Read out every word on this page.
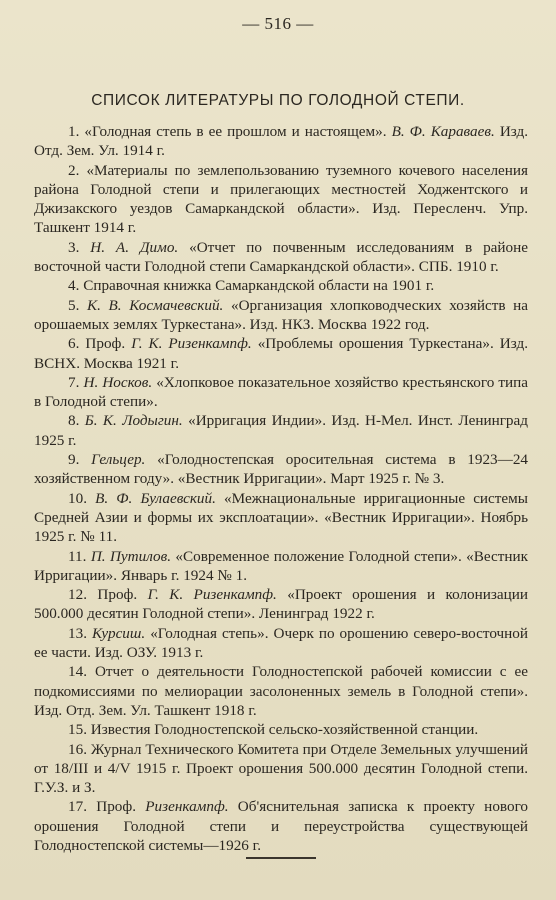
— 516 —
СПИСОК ЛИТЕРАТУРЫ ПО ГОЛОДНОЙ СТЕПИ.

1. «Голодная степь в ее прошлом и настоящем». В. Ф. Караваев. Изд. Отд. Зем. Ул. 1914 г.

2. «Материалы по землепользованию туземного кочевого населения района Голодной степи и прилегающих местностей Ходжентского и Джизакского уездов Самаркандской области». Изд. Пересленч. Упр. Ташкент 1914 г.

3. Н. А. Димо. «Отчет по почвенным исследованиям в районе восточной части Голодной степи Самаркандской области». СПБ. 1910 г.

4. Справочная книжка Самаркандской области на 1901 г.

5. К. В. Космачевский. «Организация хлопководческих хозяйств на орошаемых землях Туркестана». Изд. НКЗ. Москва 1922 год.

6. Проф. Г. К. Ризенкампф. «Проблемы орошения Туркестана». Изд. ВСНХ. Москва 1921 г.

7. Н. Носков. «Хлопковое показательное хозяйство крестьянского типа в Голодной степи».

8. Б. К. Лодыгин. «Ирригация Индии». Изд. Н-Мел. Инст. Ленинград 1925 г.

9. Гельцер. «Голодностепская оросительная система в 1923—24 хозяйственном году». «Вестник Ирригации». Март 1925 г. № 3.

10. В. Ф. Булаевский. «Межнациональные ирригационные системы Средней Азии и формы их эксплоатации». «Вестник Ирригации». Ноябрь 1925 г. № 11.

11. П. Путилов. «Современное положение Голодной степи». «Вестник Ирригации». Январь г. 1924 № 1.

12. Проф. Г. К. Ризенкампф. «Проект орошения и колонизации 500.000 десятин Голодной степи». Ленинград 1922 г.

13. Курсиш. «Голодная степь». Очерк по орошению северо-восточной ее части. Изд. ОЗУ. 1913 г.

14. Отчет о деятельности Голодностепской рабочей комиссии с ее подкомиссиями по мелиорации засолоненных земель в Голодной степи». Изд. Отд. Зем. Ул. Ташкент 1918 г.

15. Известия Голодностепской сельско-хозяйственной станции.

16. Журнал Технического Комитета при Отделе Земельных улучшений от 18/III и 4/V 1915 г. Проект орошения 500.000 десятин Голодной степи. Г.У.З. и З.

17. Проф. Ризенкампф. Об'яснительная записка к проекту нового орошения Голодной степи и переустройства существующей Голодностепской системы—1926 г.
